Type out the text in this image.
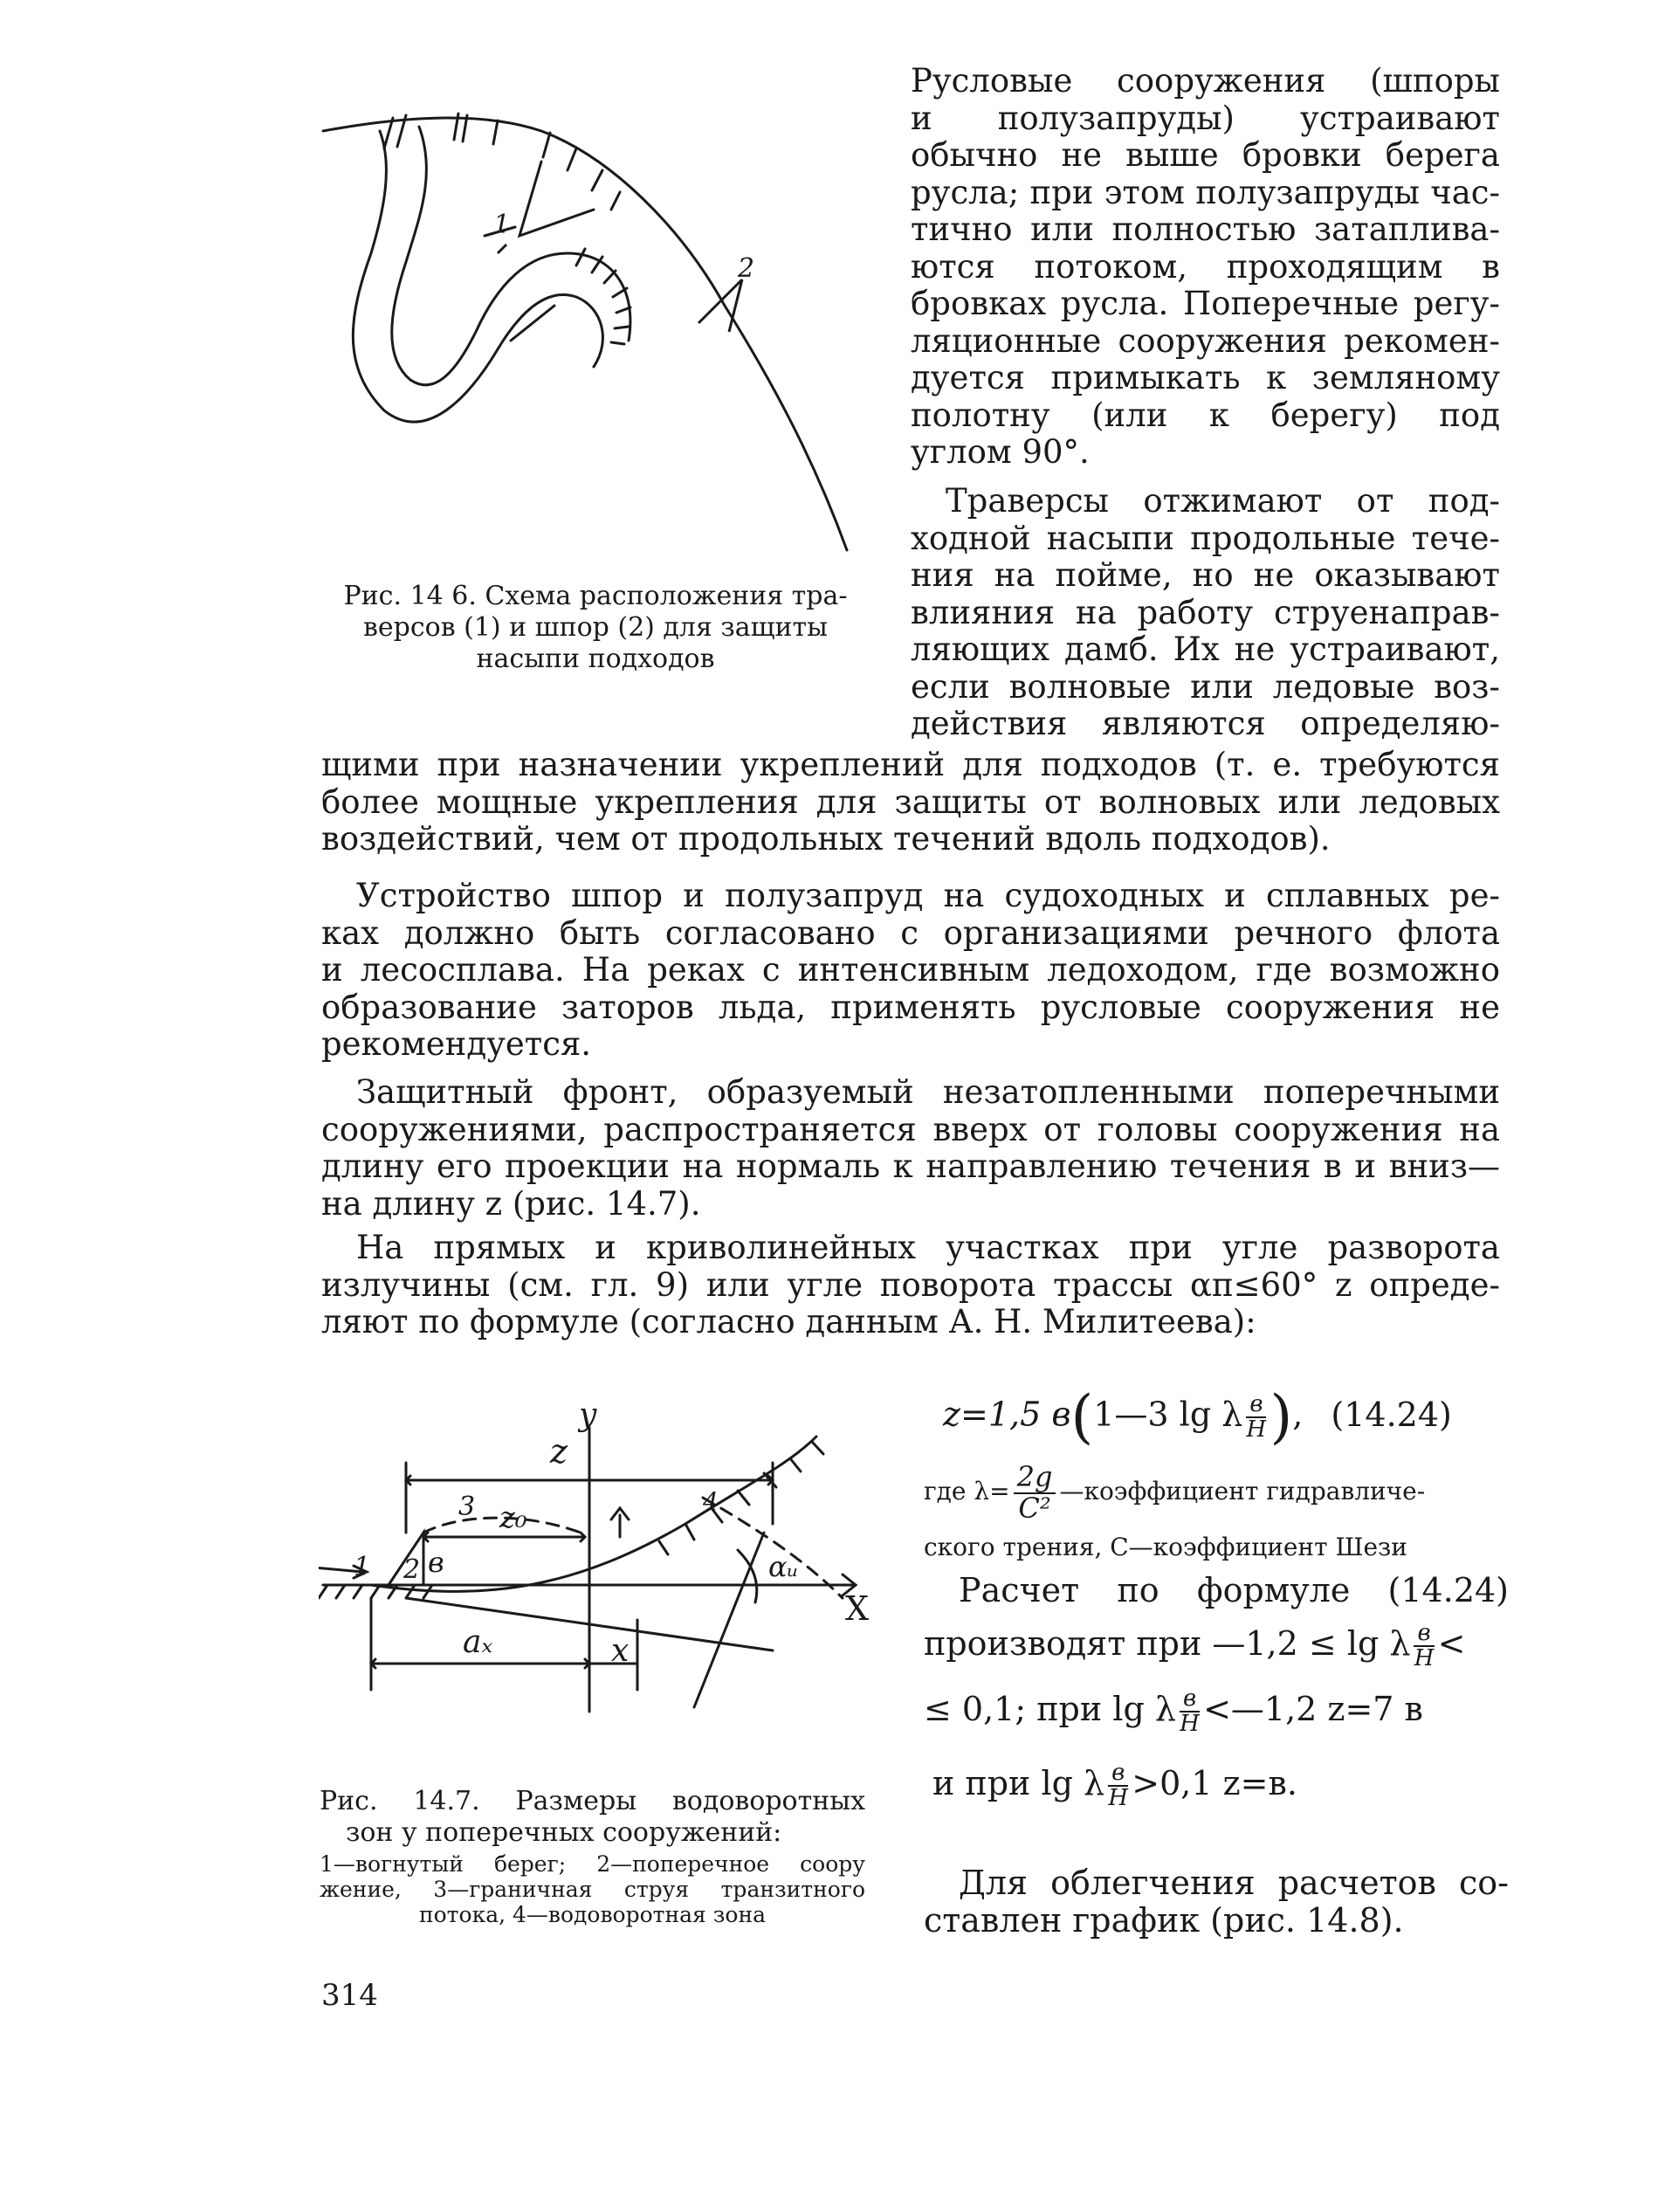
1
2
Рис. 14 6. Схема расположения тра-
версов (1) и шпор (2) для защиты
насыпи подходов
Русловые сооружения (шпоры
и полузапруды) устраивают
обычно не выше бровки берега
русла; при этом полузапруды час-
тично или полностью затаплива-
ются потоком, проходящим в
бровках русла. Поперечные регу-
ляционные сооружения рекомен-
дуется примыкать к земляному
полотну (или к берегу) под
углом 90°.
Траверсы отжимают от под-
ходной насыпи продольные тече-
ния на пойме, но не оказывают
влияния на работу струенаправ-
ляющих дамб. Их не устраивают,
если волновые или ледовые воз-
действия являются определяю-
щими при назначении укреплений для подходов (т. е. требуются
более мощные укрепления для защиты от волновых или ледовых
воздействий, чем от продольных течений вдоль подходов).
Устройство шпор и полузапруд на судоходных и сплавных ре-
ках должно быть согласовано с организациями речного флота
и лесосплава. На реках с интенсивным ледоходом, где возможно
образование заторов льда, применять русловые сооружения не
рекомендуется.
Защитный фронт, образуемый незатопленными поперечными
сооружениями, распространяется вверх от головы сооружения на
длину его проекции на нормаль к направлению течения в и вниз—
на длину z (рис. 14.7).
На прямых и криволинейных участках при угле разворота
излучины (см. гл. 9) или угле поворота трассы αп≤60° z опреде-
ляют по формуле (согласно данным А. Н. Милитеева):
y
z
z₀
в
aₓ	x
X
αᵤ
1 2
3	4
Рис. 14.7. Размеры водоворотных
зон у поперечных сооружений:
1—вогнутый берег; 2—поперечное соору
жение, 3—граничная струя транзитного
потока, 4—водоворотная зона
z=1,5 в(1—3 lg λ $\frac{в}{H}$ ), (14.24)
где $\lambda= \frac{2g}{\text{C²}}$ —коэффициент гидравличе-
ского трения, С—коэффициент Шези
Расчет по формуле (14.24)
производят при —1,2 ≤ lg λ $\frac{в}{H}$ <
≤ 0,1; при lg λ $\frac{в}{H}$ <—1,2 z=7 в
и при lg λ $\frac{в}{H} >0,1$ z=в.
Для облегчения расчетов со-
ставлен график (рис. 14.8).
314
